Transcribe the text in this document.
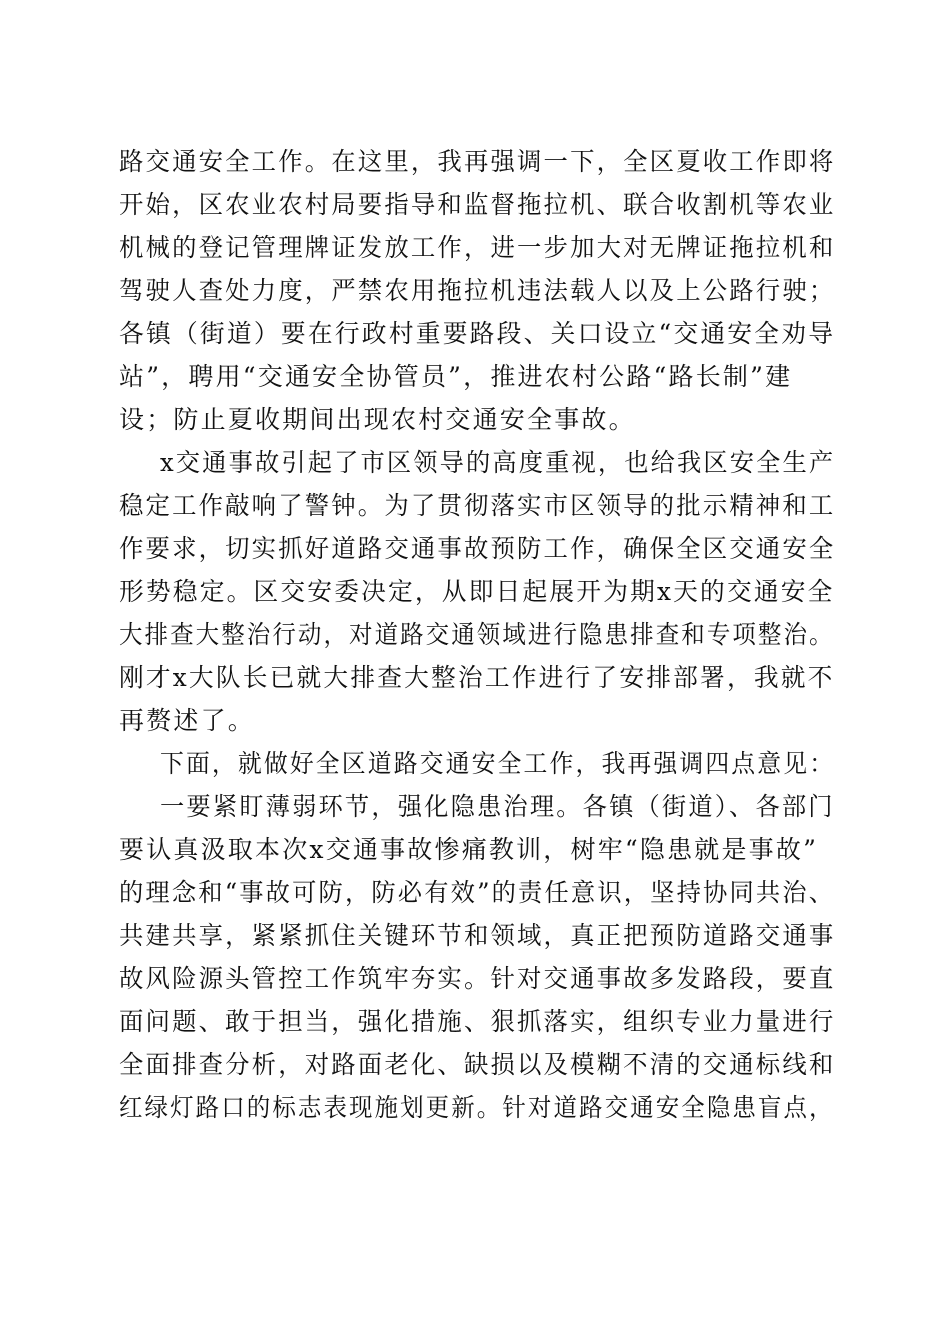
路交通安全工作。在这里，我再强调一下，全区夏收工作即将
开始，区农业农村局要指导和监督拖拉机、联合收割机等农业
机械的登记管理牌证发放工作，进一步加大对无牌证拖拉机和
驾驶人查处力度，严禁农用拖拉机违法载人以及上公路行驶；
各镇（街道）要在行政村重要路段、关口设立“交通安全劝导
站”，聘用“交通安全协管员”，推进农村公路“路长制”建
设；防止夏收期间出现农村交通安全事故。
x交通事故引起了市区领导的高度重视，也给我区安全生产
稳定工作敲响了警钟。为了贯彻落实市区领导的批示精神和工
作要求，切实抓好道路交通事故预防工作，确保全区交通安全
形势稳定。区交安委决定，从即日起展开为期x天的交通安全
大排查大整治行动，对道路交通领域进行隐患排查和专项整治。
刚才x大队长已就大排查大整治工作进行了安排部署，我就不
再赘述了。
下面，就做好全区道路交通安全工作，我再强调四点意见：
一要紧盯薄弱环节，强化隐患治理。各镇（街道）、各部门
要认真汲取本次x交通事故惨痛教训，树牢“隐患就是事故”
的理念和“事故可防，防必有效”的责任意识，坚持协同共治、
共建共享，紧紧抓住关键环节和领域，真正把预防道路交通事
故风险源头管控工作筑牢夯实。针对交通事故多发路段，要直
面问题、敢于担当，强化措施、狠抓落实，组织专业力量进行
全面排查分析，对路面老化、缺损以及模糊不清的交通标线和
红绿灯路口的标志表现施划更新。针对道路交通安全隐患盲点，
